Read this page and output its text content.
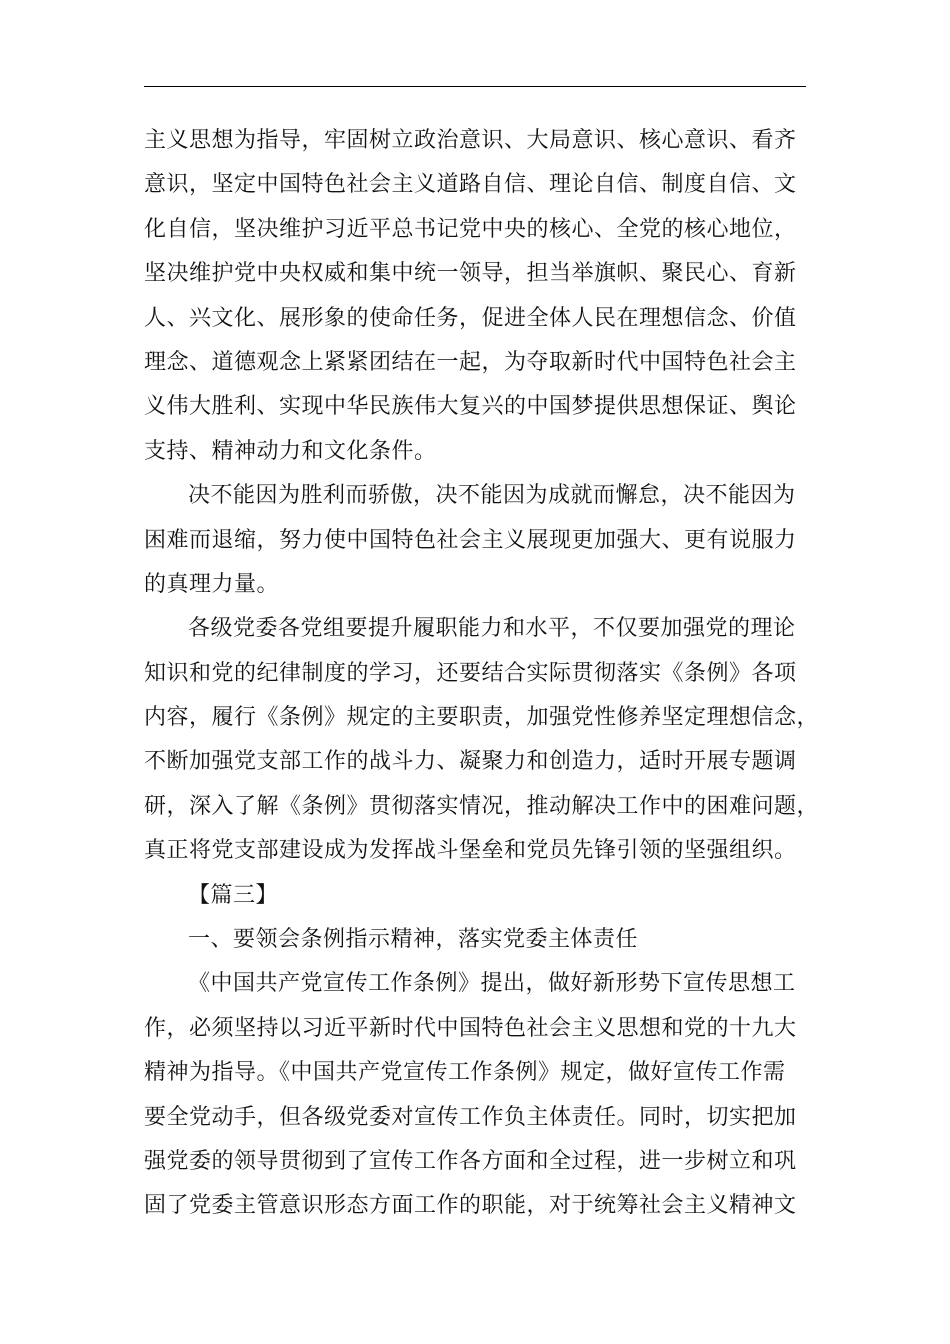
主义思想为指导，牢固树立政治意识、大局意识、核心意识、看齐
意识，坚定中国特色社会主义道路自信、理论自信、制度自信、文
化自信，坚决维护习近平总书记党中央的核心、全党的核心地位，
坚决维护党中央权威和集中统一领导，担当举旗帜、聚民心、育新
人、兴文化、展形象的使命任务，促进全体人民在理想信念、价值
理念、道德观念上紧紧团结在一起，为夺取新时代中国特色社会主
义伟大胜利、实现中华民族伟大复兴的中国梦提供思想保证、舆论
支持、精神动力和文化条件。
决不能因为胜利而骄傲，决不能因为成就而懈怠，决不能因为
困难而退缩，努力使中国特色社会主义展现更加强大、更有说服力
的真理力量。
各级党委各党组要提升履职能力和水平，不仅要加强党的理论
知识和党的纪律制度的学习，还要结合实际贯彻落实《条例》各项
内容，履行《条例》规定的主要职责，加强党性修养坚定理想信念，
不断加强党支部工作的战斗力、凝聚力和创造力，适时开展专题调
研，深入了解《条例》贯彻落实情况，推动解决工作中的困难问题，
真正将党支部建设成为发挥战斗堡垒和党员先锋引领的坚强组织。
【篇三】
一、要领会条例指示精神，落实党委主体责任
《中国共产党宣传工作条例》提出，做好新形势下宣传思想工
作，必须坚持以习近平新时代中国特色社会主义思想和党的十九大
精神为指导。《中国共产党宣传工作条例》规定，做好宣传工作需
要全党动手，但各级党委对宣传工作负主体责任。同时，切实把加
强党委的领导贯彻到了宣传工作各方面和全过程，进一步树立和巩
固了党委主管意识形态方面工作的职能，对于统筹社会主义精神文
